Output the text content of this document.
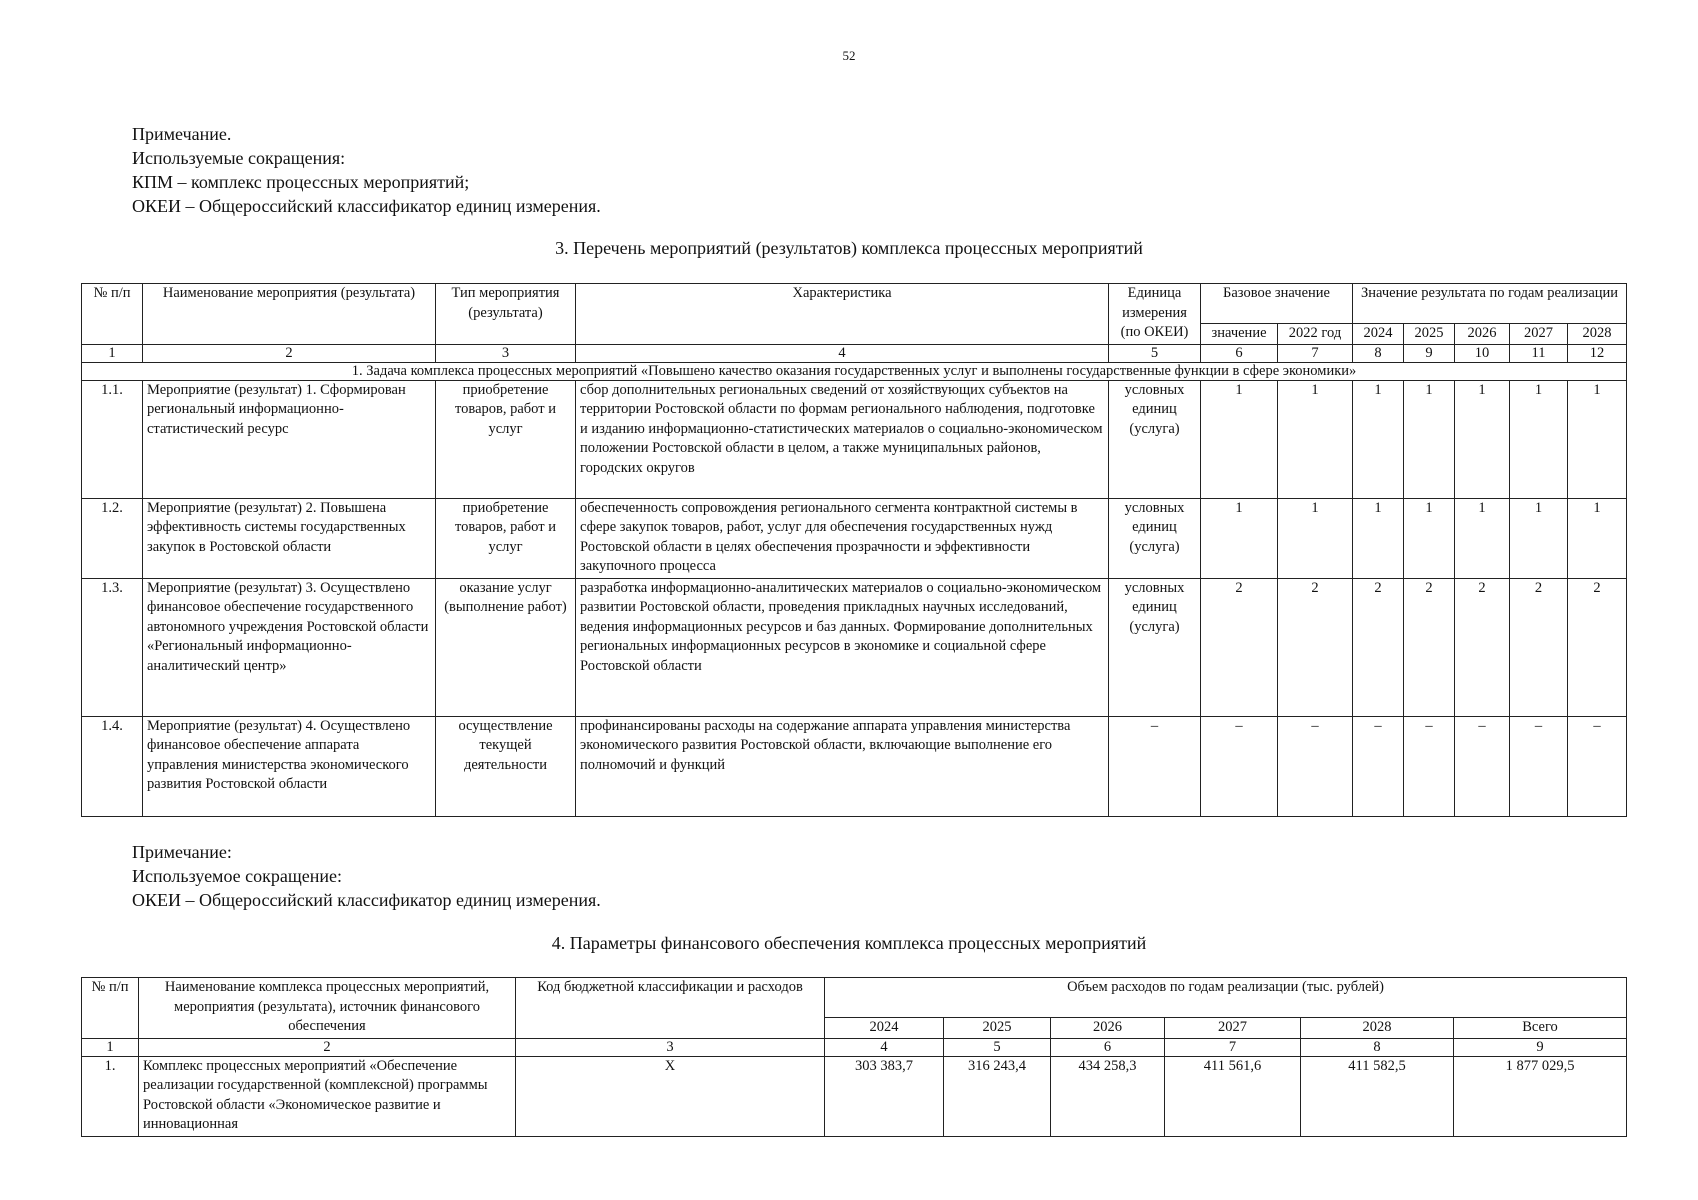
52
Примечание.
Используемые сокращения:
КПМ – комплекс процессных мероприятий;
ОКЕИ – Общероссийский классификатор единиц измерения.
3. Перечень мероприятий (результатов) комплекса процессных мероприятий
№ п/п	Наименование мероприятия (результата)	Тип мероприятия (результата)	Характеристика	Единица измерения (по ОКЕИ)	Базовое значение		Значение результата по годам реализации				
					значение	2022 год	2024	2025	2026	2027	2028
1	2	3	4	5	6	7	8	9	10	11	12
1. Задача комплекса процессных мероприятий «Повышено качество оказания государственных услуг и выполнены государственные функции в сфере экономики»											
1.1.	Мероприятие (результат) 1. Сформирован региональный информационно-статистический ресурс	приобретение товаров, работ и услуг	сбор дополнительных региональных сведений от хозяйствующих субъектов на территории Ростовской области по формам регионального наблюдения, подготовке и изданию информационно-статистических материалов о социально-экономическом положении Ростовской области в целом, а также муниципальных районов, городских округов	условных единиц (услуга)	1	1	1	1	1	1	1
1.2.	Мероприятие (результат) 2. Повышена эффективность системы государственных закупок в Ростовской области	приобретение товаров, работ и услуг	обеспеченность сопровождения регионального сегмента контрактной системы в сфере закупок товаров, работ, услуг для обеспечения государственных нужд Ростовской области в целях обеспечения прозрачности и эффективности закупочного процесса	условных единиц (услуга)	1	1	1	1	1	1	1
1.3.	Мероприятие (результат) 3. Осуществлено финансовое обеспечение государственного автономного учреждения Ростовской области «Региональный информационно-аналитический центр»	оказание услуг (выполнение работ)	разработка информационно-аналитических материалов о социально-экономическом развитии Ростовской области, проведения прикладных научных исследований, ведения информационных ресурсов и баз данных. Формирование дополнительных региональных информационных ресурсов в экономике и социальной сфере Ростовской области	условных единиц (услуга)	2	2	2	2	2	2	2
1.4.	Мероприятие (результат) 4. Осуществлено финансовое обеспечение аппарата управления министерства экономического развития Ростовской области	осуществление текущей деятельности	профинансированы расходы на содержание аппарата управления министерства экономического развития Ростовской области, включающие выполнение его полномочий и функций	–	–	–	–	–	–	–	–
Примечание:
Используемое сокращение:
ОКЕИ – Общероссийский классификатор единиц измерения.
4. Параметры финансового обеспечения комплекса процессных мероприятий
№ п/п	Наименование комплекса процессных мероприятий, мероприятия (результата), источник финансового обеспечения	Код бюджетной классификации и расходов	Объем расходов по годам реализации (тыс. рублей)					
			2024	2025	2026	2027	2028	Всего
1	2	3	4	5	6	7	8	9
1.	Комплекс процессных мероприятий «Обеспечение реализации государственной (комплексной) программы Ростовской области «Экономическое развитие и инновационная	Х	303 383,7	316 243,4	434 258,3	411 561,6	411 582,5	1 877 029,5
